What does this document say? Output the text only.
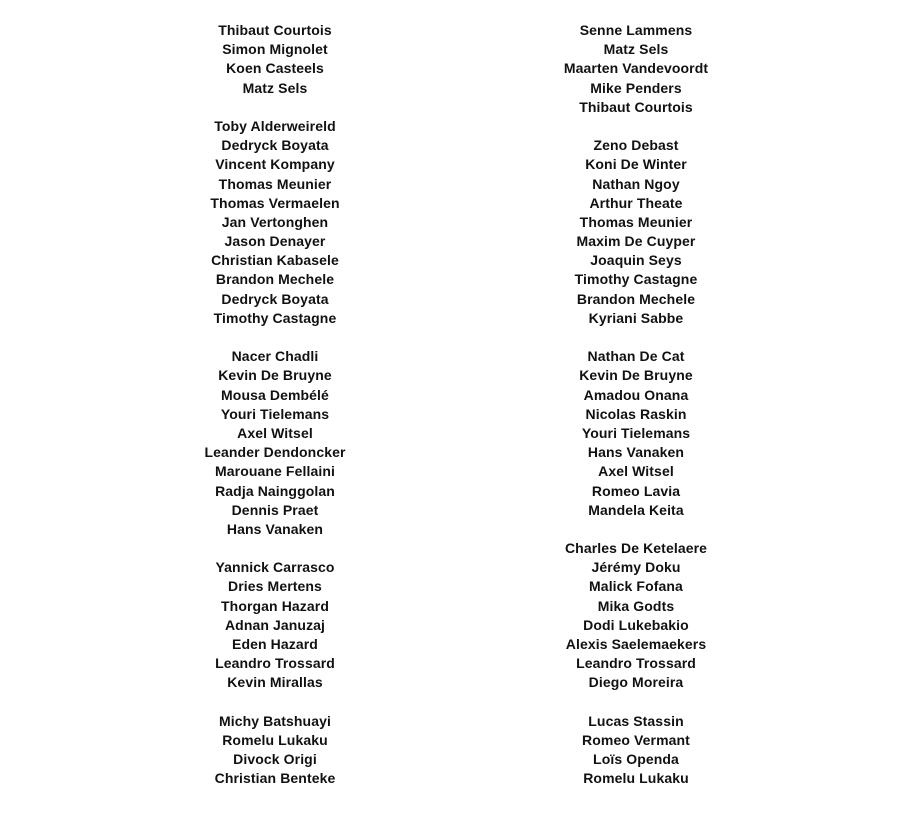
Thibaut Courtois
Simon Mignolet
Koen Casteels
Matz Sels
Toby Alderweireld
Dedryck Boyata
Vincent Kompany
Thomas Meunier
Thomas Vermaelen
Jan Vertonghen
Jason Denayer
Christian Kabasele
Brandon Mechele
Dedryck Boyata
Timothy Castagne
Nacer Chadli
Kevin De Bruyne
Mousa Dembélé
Youri Tielemans
Axel Witsel
Leander Dendoncker
Marouane Fellaini
Radja Nainggolan
Dennis Praet
Hans Vanaken
Yannick Carrasco
Dries Mertens
Thorgan Hazard
Adnan Januzaj
Eden Hazard
Leandro Trossard
Kevin Mirallas
Michy Batshuayi
Romelu Lukaku
Divock Origi
Christian Benteke
Senne Lammens
Matz Sels
Maarten Vandevoordt
Mike Penders
Thibaut Courtois
Zeno Debast
Koni De Winter
Nathan Ngoy
Arthur Theate
Thomas Meunier
Maxim De Cuyper
Joaquin Seys
Timothy Castagne
Brandon Mechele
Kyriani Sabbe
Nathan De Cat
Kevin De Bruyne
Amadou Onana
Nicolas Raskin
Youri Tielemans
Hans Vanaken
Axel Witsel
Romeo Lavia
Mandela Keita
Charles De Ketelaere
Jérémy Doku
Malick Fofana
Mika Godts
Dodi Lukebakio
Alexis Saelemaekers
Leandro Trossard
Diego Moreira
Lucas Stassin
Romeo Vermant
Loïs Openda
Romelu Lukaku
